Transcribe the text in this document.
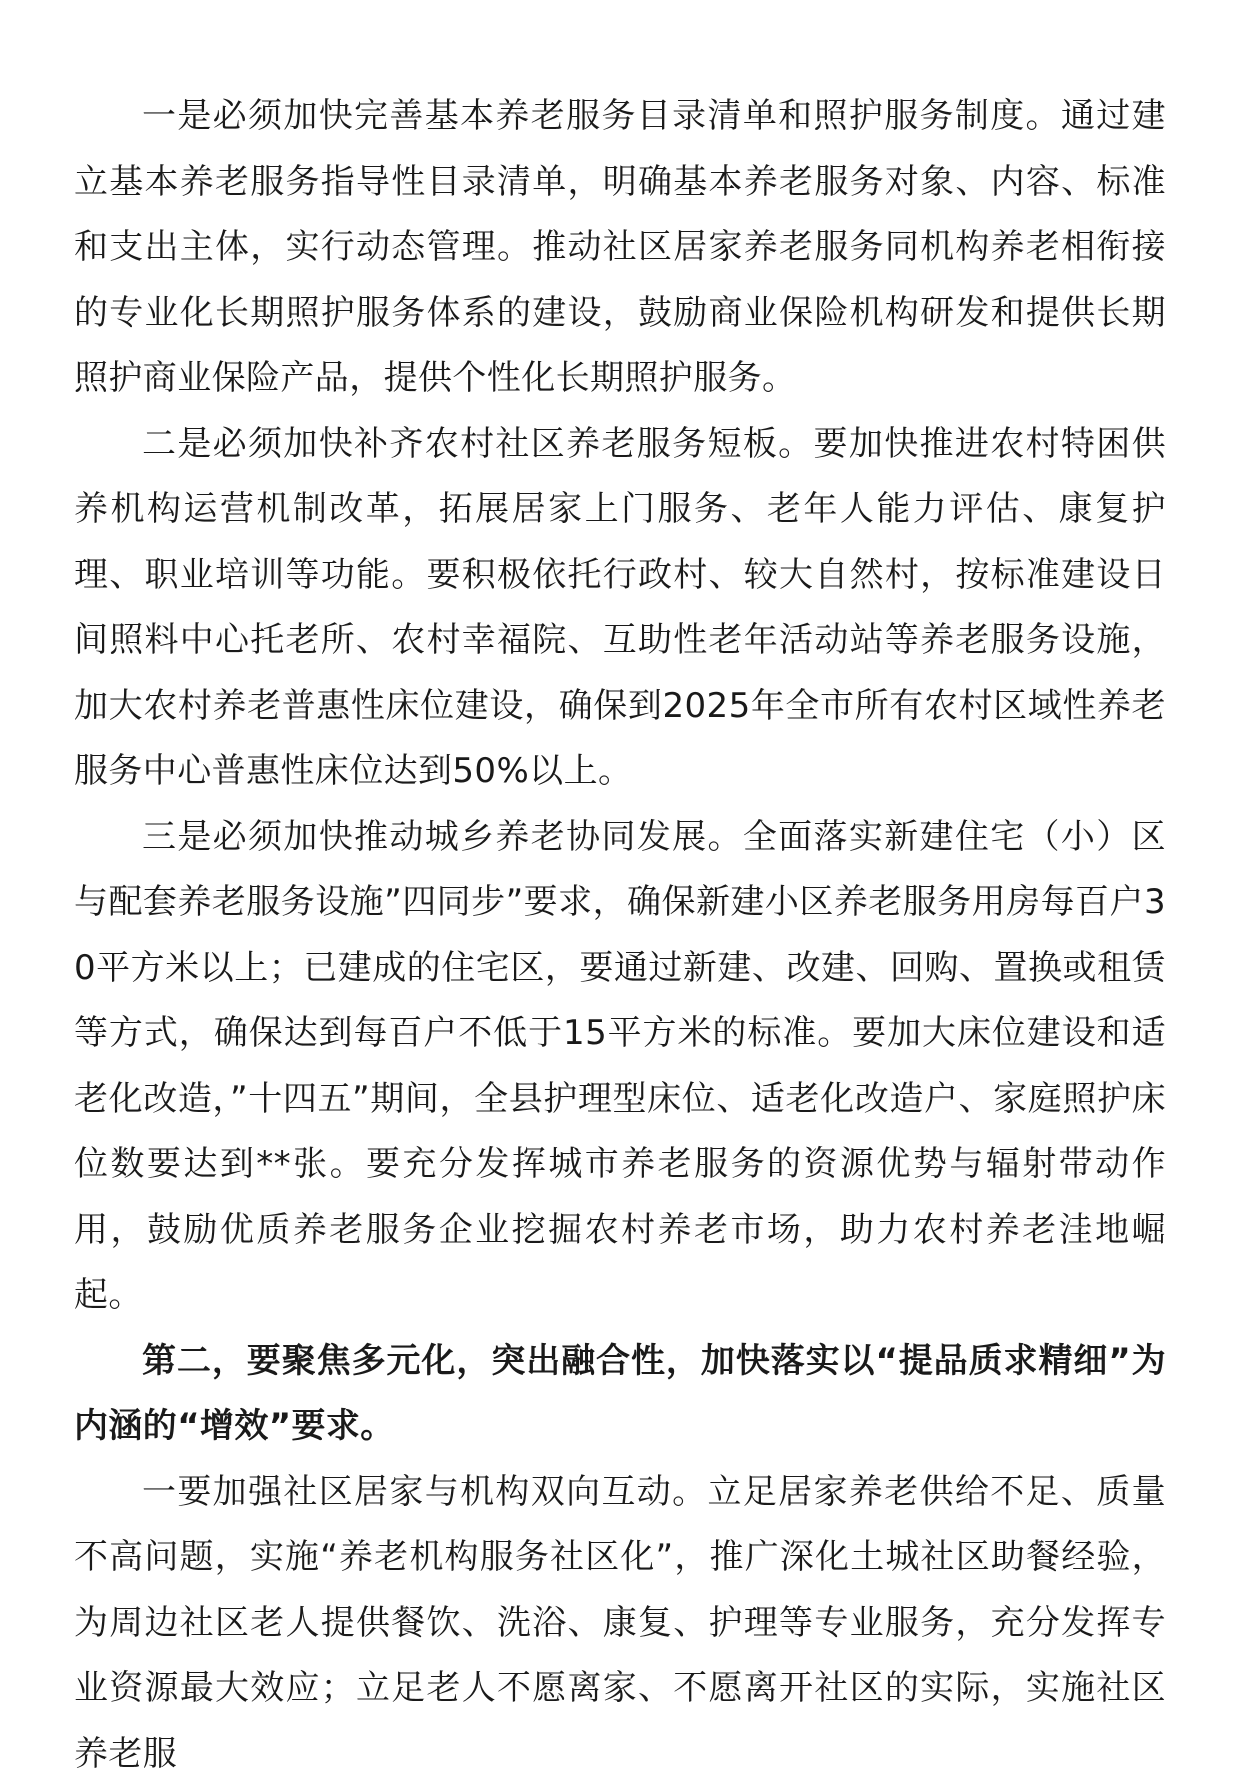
一是必须加快完善基本养老服务目录清单和照护服务制度。通过建立基本养老服务指导性目录清单，明确基本养老服务对象、内容、标准和支出主体，实行动态管理。推动社区居家养老服务同机构养老相衔接的专业化长期照护服务体系的建设，鼓励商业保险机构研发和提供长期照护商业保险产品，提供个性化长期照护服务。

二是必须加快补齐农村社区养老服务短板。要加快推进农村特困供养机构运营机制改革，拓展居家上门服务、老年人能力评估、康复护理、职业培训等功能。要积极依托行政村、较大自然村，按标准建设日间照料中心托老所、农村幸福院、互助性老年活动站等养老服务设施，加大农村养老普惠性床位建设，确保到2025年全市所有农村区域性养老服务中心普惠性床位达到50%以上。

三是必须加快推动城乡养老协同发展。全面落实新建住宅（小）区与配套养老服务设施”四同步”要求，确保新建小区养老服务用房每百户30平方米以上；已建成的住宅区，要通过新建、改建、回购、置换或租赁等方式，确保达到每百户不低于15平方米的标准。要加大床位建设和适老化改造，”十四五”期间，全县护理型床位、适老化改造户、家庭照护床位数要达到**张。要充分发挥城市养老服务的资源优势与辐射带动作用，鼓励优质养老服务企业挖掘农村养老市场，助力农村养老洼地崛起。

第二，要聚焦多元化，突出融合性，加快落实以“提品质求精细”为内涵的“增效”要求。

一要加强社区居家与机构双向互动。立足居家养老供给不足、质量不高问题，实施“养老机构服务社区化”，推广深化土城社区助餐经验，为周边社区老人提供餐饮、洗浴、康复、护理等专业服务，充分发挥专业资源最大效应；立足老人不愿离家、不愿离开社区的实际，实施社区养老服
